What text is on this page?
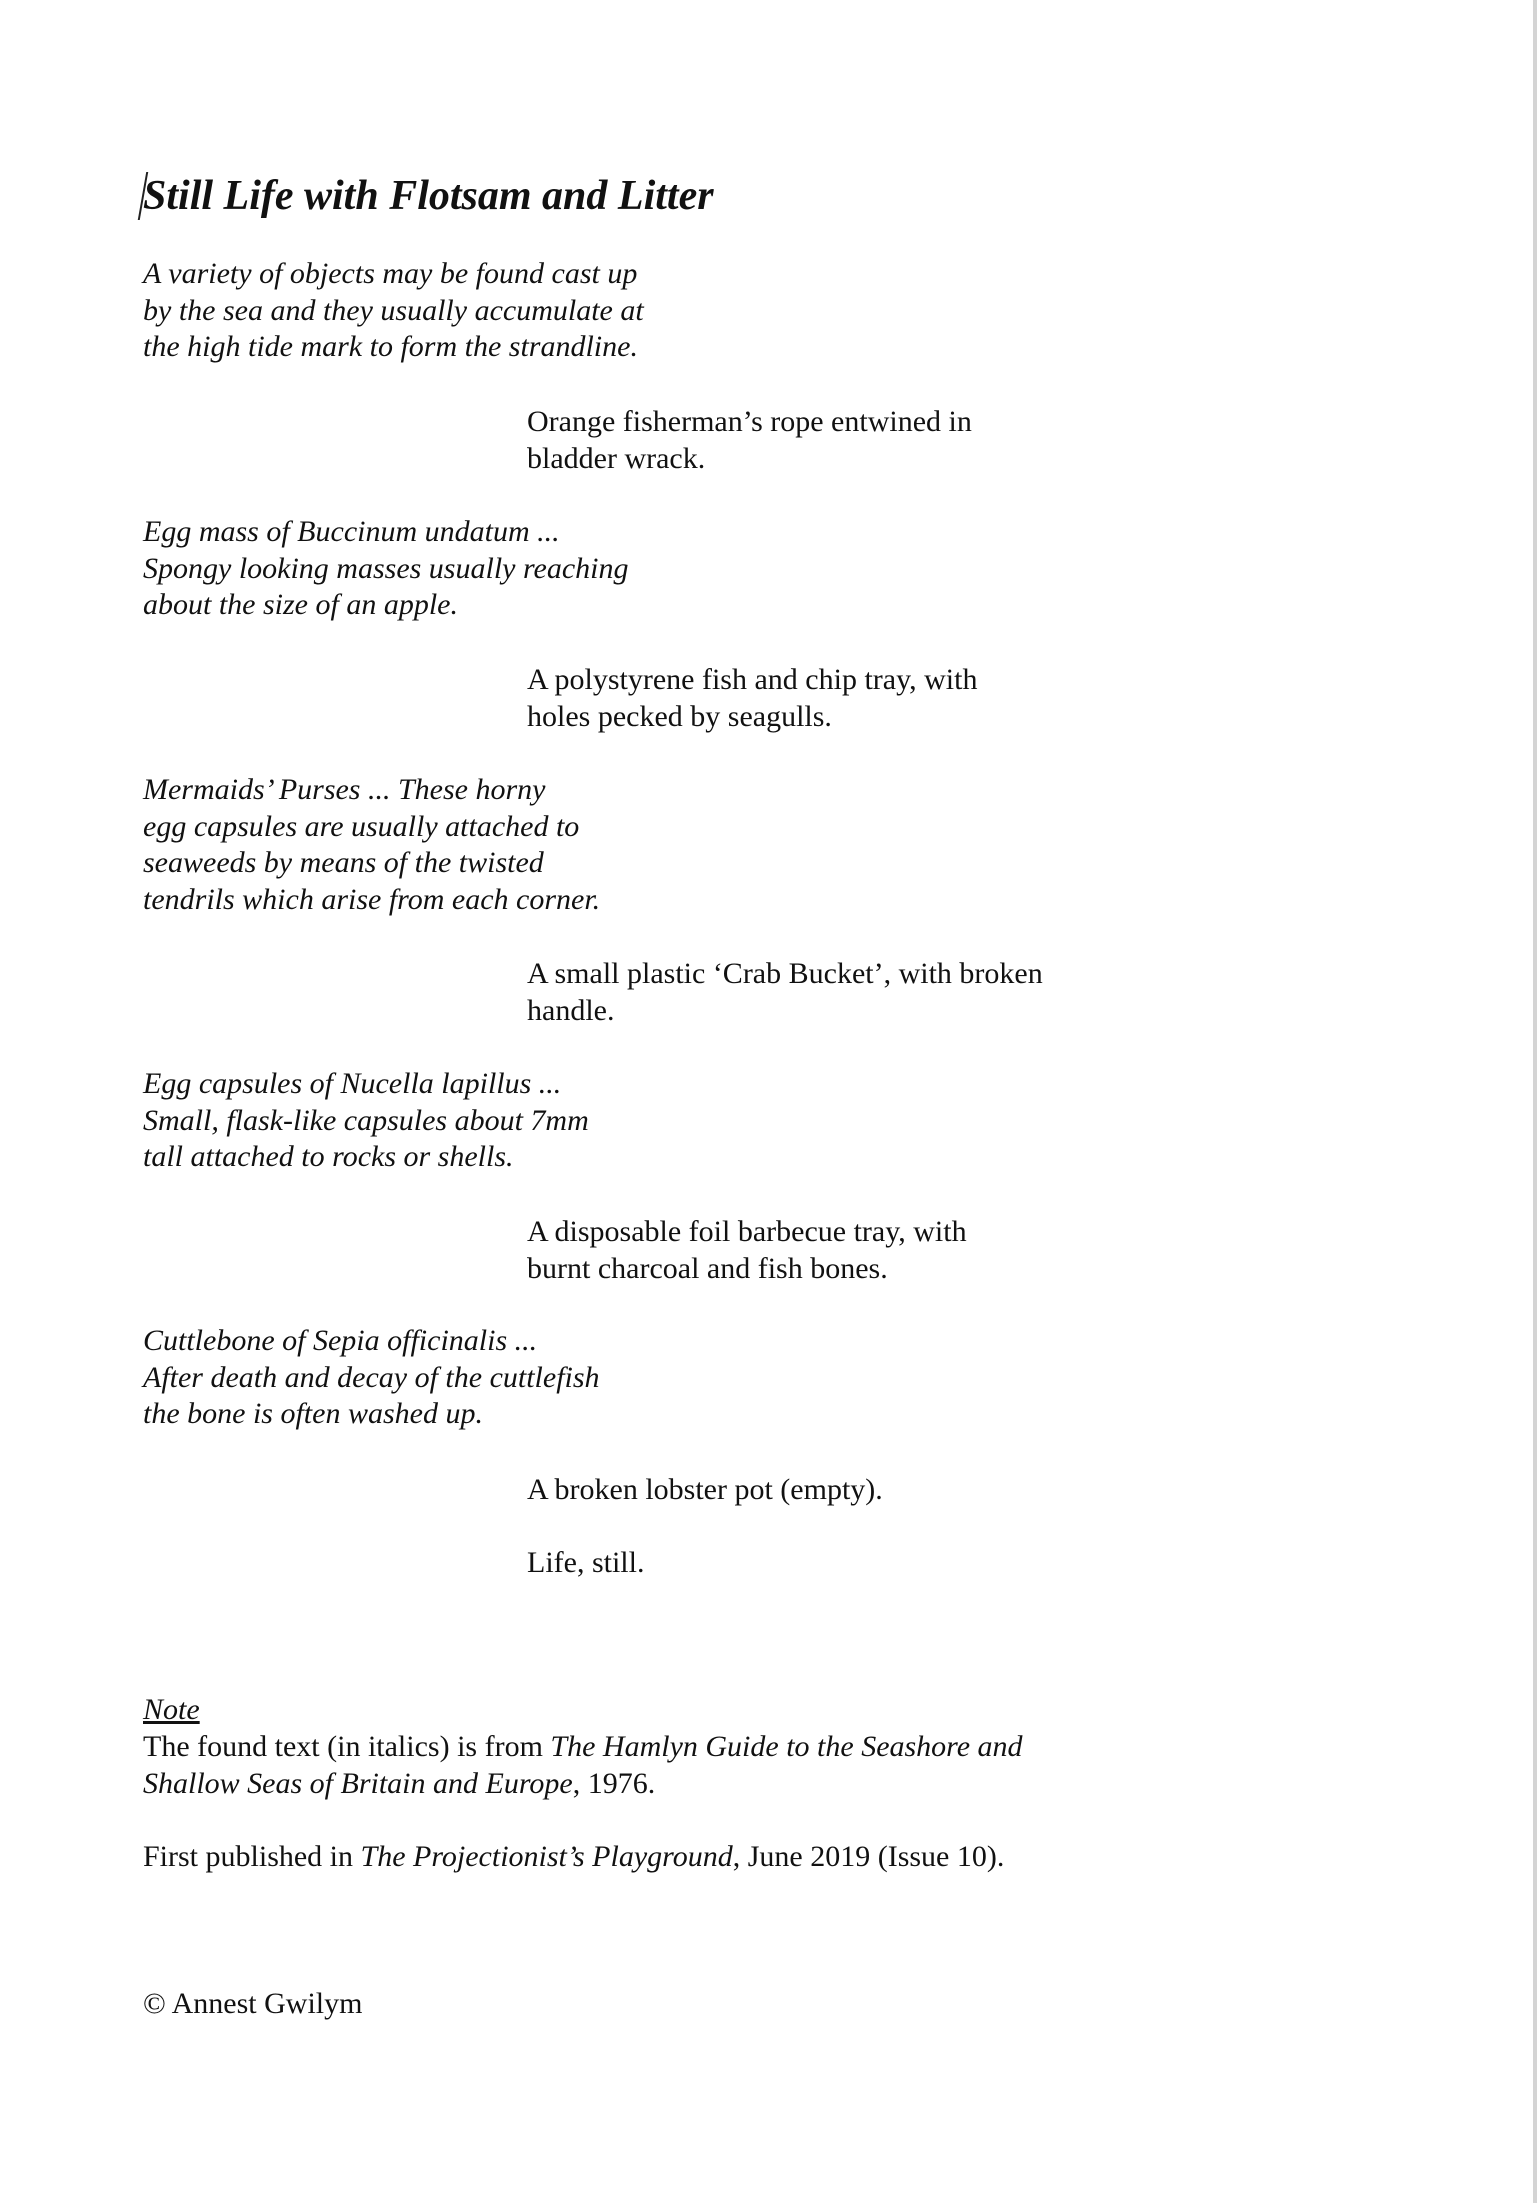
Still Life with Flotsam and Litter

A variety of objects may be found cast up
by the sea and they usually accumulate at
the high tide mark to form the strandline.

Orange fisherman’s rope entwined in
bladder wrack.

Egg mass of Buccinum undatum ...
Spongy looking masses usually reaching
about the size of an apple.

A polystyrene fish and chip tray, with
holes pecked by seagulls.

Mermaids’ Purses ... These horny
egg capsules are usually attached to
seaweeds by means of the twisted
tendrils which arise from each corner.

A small plastic ‘Crab Bucket’, with broken
handle.

Egg capsules of Nucella lapillus ...
Small, flask-like capsules about 7mm
tall attached to rocks or shells.

A disposable foil barbecue tray, with
burnt charcoal and fish bones.

Cuttlebone of Sepia officinalis ...
After death and decay of the cuttlefish
the bone is often washed up.

A broken lobster pot (empty).

Life, still.

Note

The found text (in italics) is from The Hamlyn Guide to the Seashore and
Shallow Seas of Britain and Europe, 1976.

First published in The Projectionist’s Playground, June 2019 (Issue 10).

© Annest Gwilym
